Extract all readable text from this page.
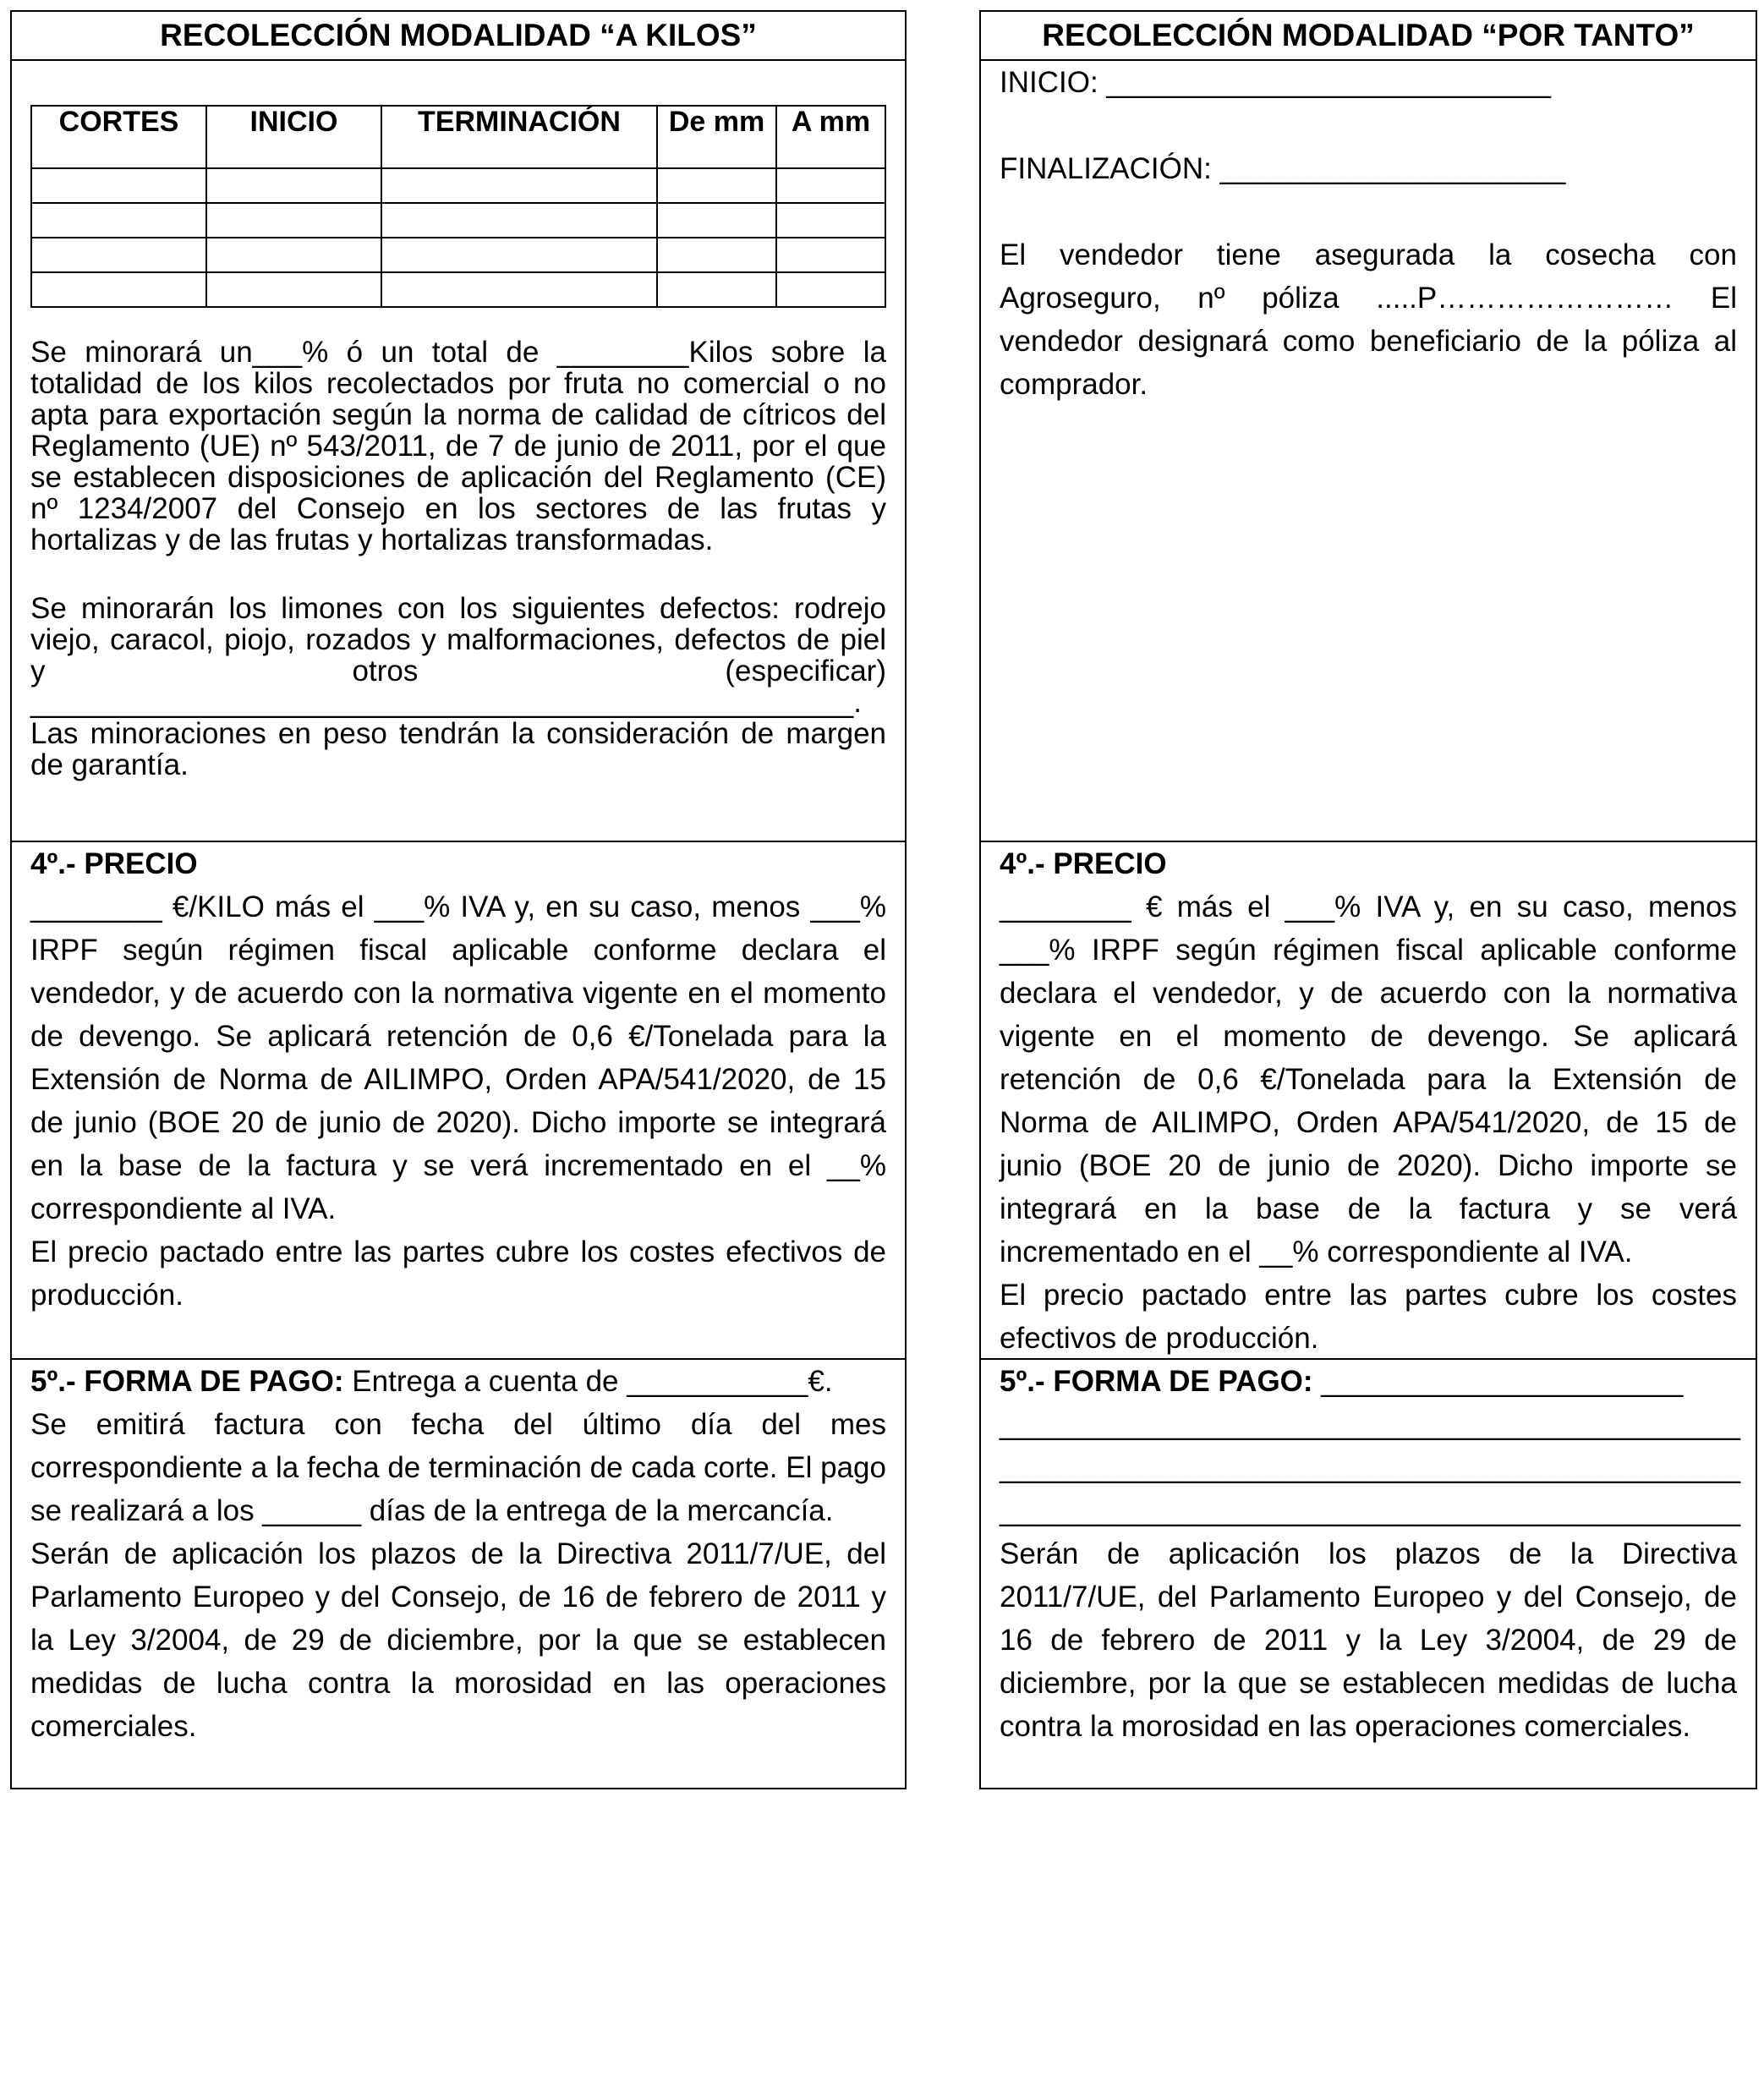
RECOLECCIÓN MODALIDAD “A KILOS”
CORTES	INICIO	TERMINACIÓN	De mm	A mm

Se minorará un___% ó un total de ________Kilos sobre la totalidad de los kilos recolectados por fruta no comercial o no apta para exportación según la norma de calidad de cítricos del Reglamento (UE) nº 543/2011, de 7 de junio de 2011, por el que se establecen disposiciones de aplicación del Reglamento (CE) nº 1234/2007 del Consejo en los sectores de las frutas y hortalizas y de las frutas y hortalizas transformadas.

Se minorarán los limones con los siguientes defectos: rodrejo viejo, caracol, piojo, rozados y malformaciones, defectos de piel y otros (especificar) __________________________________________________.

Las minoraciones en peso tendrán la consideración de margen de garantía.

4º.- PRECIO

________ €/KILO más el ___% IVA y, en su caso, menos ___% IRPF según régimen fiscal aplicable conforme declara el vendedor, y de acuerdo con la normativa vigente en el momento de devengo. Se aplicará retención de 0,6 €/Tonelada para la Extensión de Norma de AILIMPO, Orden APA/541/2020, de 15 de junio (BOE 20 de junio de 2020). Dicho importe se integrará en la base de la factura y se verá incrementado en el __% correspondiente al IVA.

El precio pactado entre las partes cubre los costes efectivos de producción.

5º.- FORMA DE PAGO: Entrega a cuenta de ___________€.

Se emitirá factura con fecha del último día del mes correspondiente a la fecha de terminación de cada corte. El pago se realizará a los ______ días de la entrega de la mercancía.

Serán de aplicación los plazos de la Directiva 2011/7/UE, del Parlamento Europeo y del Consejo, de 16 de febrero de 2011 y la Ley 3/2004, de 29 de diciembre, por la que se establecen medidas de lucha contra la morosidad en las operaciones comerciales.

RECOLECCIÓN MODALIDAD “POR TANTO”

INICIO: ___________________________

FINALIZACIÓN: _____________________

El vendedor tiene asegurada la cosecha con Agroseguro, nº póliza .....P…………………… El vendedor designará como beneficiario de la póliza al comprador.

4º.- PRECIO

________ € más el ___% IVA y, en su caso, menos ___% IRPF según régimen fiscal aplicable conforme declara el vendedor, y de acuerdo con la normativa vigente en el momento de devengo. Se aplicará retención de 0,6 €/Tonelada para la Extensión de Norma de AILIMPO, Orden APA/541/2020, de 15 de junio (BOE 20 de junio de 2020). Dicho importe se integrará en la base de la factura y se verá incrementado en el __% correspondiente al IVA.

El precio pactado entre las partes cubre los costes efectivos de producción.

5º.- FORMA DE PAGO: ______________________

_____________________________________________

_____________________________________________

_____________________________________________

Serán de aplicación los plazos de la Directiva 2011/7/UE, del Parlamento Europeo y del Consejo, de 16 de febrero de 2011 y la Ley 3/2004, de 29 de diciembre, por la que se establecen medidas de lucha contra la morosidad en las operaciones comerciales.
